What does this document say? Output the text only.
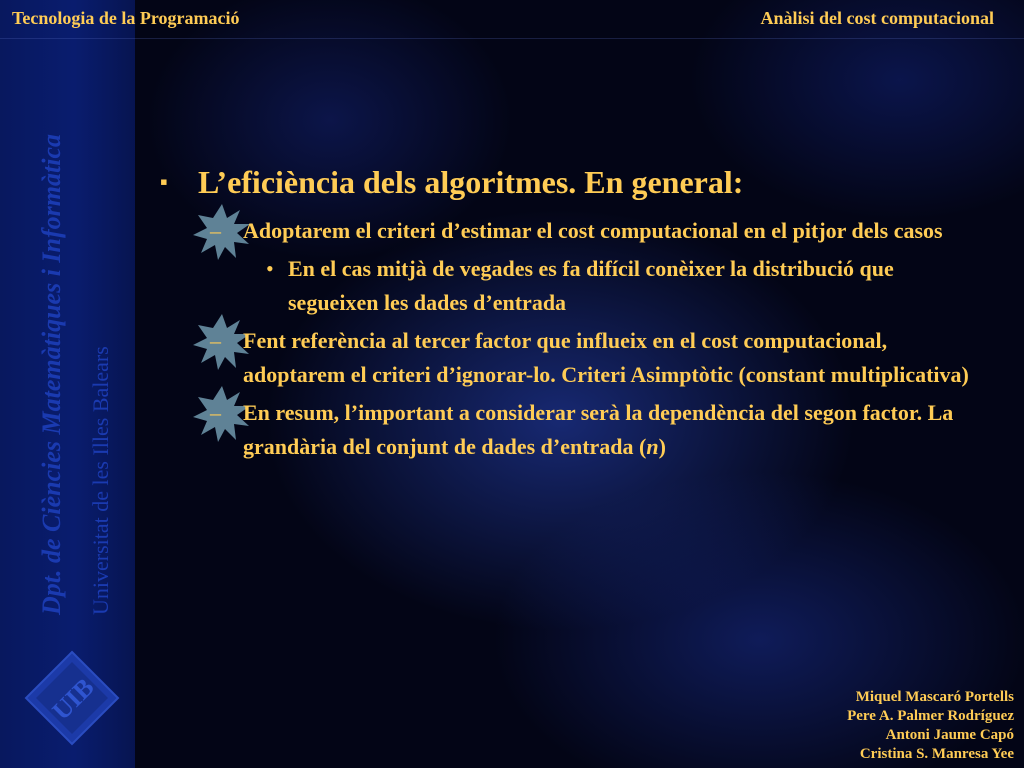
Tecnologia de la Programació	Anàlisi del cost computacional
Dpt. de Ciències Matemàtiques i Informàtica Universitat de les Illes Balears
UIB
▪ L’eficiència dels algoritmes. En general:
– Adoptarem el criteri d’estimar el cost computacional en el pitjor dels casos
• En el cas mitjà de vegades es fa difícil conèixer la distribució que segueixen les dades d’entrada
– Fent referència al tercer factor que influeix en el cost computacional, adoptarem el criteri d’ignorar-lo. Criteri Asimptòtic (constant multiplicativa)
– En resum, l’important a considerar serà la dependència del segon factor. La grandària del conjunt de dades d’entrada (n)
Miquel Mascaró Portells
Pere A. Palmer Rodríguez
Antoni Jaume Capó
Cristina S. Manresa Yee
